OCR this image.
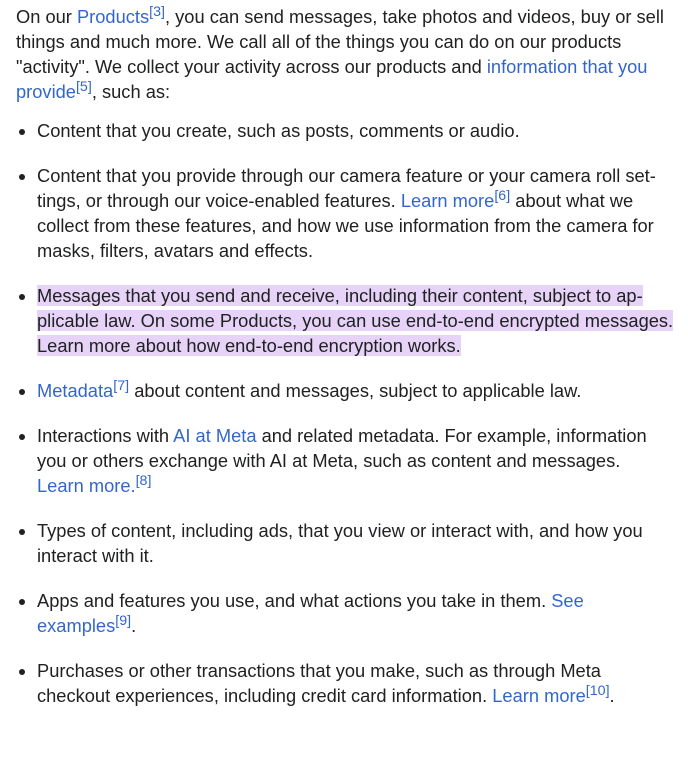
On our Products[3], you can send messages, take photos and videos, buy or sell things and much more. We call all of the things you can do on our products "activity". We collect your activity across our products and information that you provide[5], such as:

Content that you create, such as posts, comments or audio.
Content that you provide through our camera feature or your camera roll settings, or through our voice-enabled features. Learn more[6] about what we collect from these features, and how we use information from the camera for masks, filters, avatars and effects.
Messages that you send and receive, including their content, subject to applicable law. On some Products, you can use end-to-end encrypted messages. Learn more about how end-to-end encryption works.
Metadata[7] about content and messages, subject to applicable law.
Interactions with AI at Meta and related metadata. For example, information you or others exchange with AI at Meta, such as content and messages. Learn more.[8]
Types of content, including ads, that you view or interact with, and how you interact with it.
Apps and features you use, and what actions you take in them. See examples[9].
Purchases or other transactions that you make, such as through Meta checkout experiences, including credit card information. Learn more[10].
